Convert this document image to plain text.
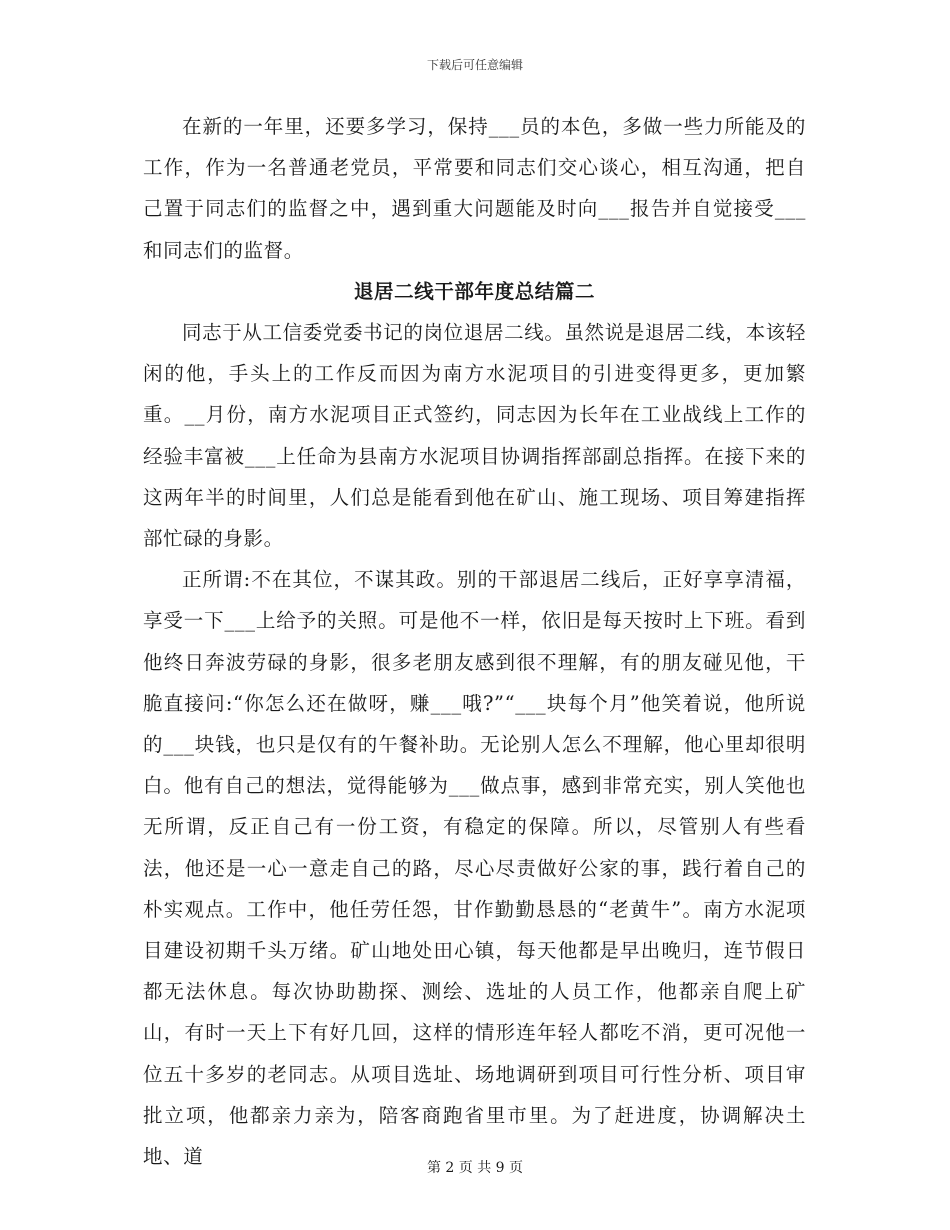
下载后可任意编辑

在新的一年里，还要多学习，保持___员的本色，多做一些力所能及的工作，作为一名普通老党员，平常要和同志们交心谈心，相互沟通，把自己置于同志们的监督之中，遇到重大问题能及时向___报告并自觉接受___和同志们的监督。

退居二线干部年度总结篇二

同志于从工信委党委书记的岗位退居二线。虽然说是退居二线，本该轻闲的他，手头上的工作反而因为南方水泥项目的引进变得更多，更加繁重。__月份，南方水泥项目正式签约，同志因为长年在工业战线上工作的经验丰富被___上任命为县南方水泥项目协调指挥部副总指挥。在接下来的这两年半的时间里，人们总是能看到他在矿山、施工现场、项目筹建指挥部忙碌的身影。

正所谓:不在其位，不谋其政。别的干部退居二线后，正好享享清福，享受一下___上给予的关照。可是他不一样，依旧是每天按时上下班。看到他终日奔波劳碌的身影，很多老朋友感到很不理解，有的朋友碰见他，干脆直接问:“你怎么还在做呀，赚___哦?”“___块每个月”他笑着说，他所说的___块钱，也只是仅有的午餐补助。无论别人怎么不理解，他心里却很明白。他有自己的想法，觉得能够为___做点事，感到非常充实，别人笑他也无所谓，反正自己有一份工资，有稳定的保障。所以，尽管别人有些看法，他还是一心一意走自己的路，尽心尽责做好公家的事，践行着自己的朴实观点。工作中，他任劳任怨，甘作勤勤恳恳的“老黄牛”。南方水泥项目建设初期千头万绪。矿山地处田心镇，每天他都是早出晚归，连节假日都无法休息。每次协助勘探、测绘、选址的人员工作，他都亲自爬上矿山，有时一天上下有好几回，这样的情形连年轻人都吃不消，更可况他一位五十多岁的老同志。从项目选址、场地调研到项目可行性分析、项目审批立项，他都亲力亲为，陪客商跑省里市里。为了赶进度，协调解决土地、道	第 2 页 共 9 页
